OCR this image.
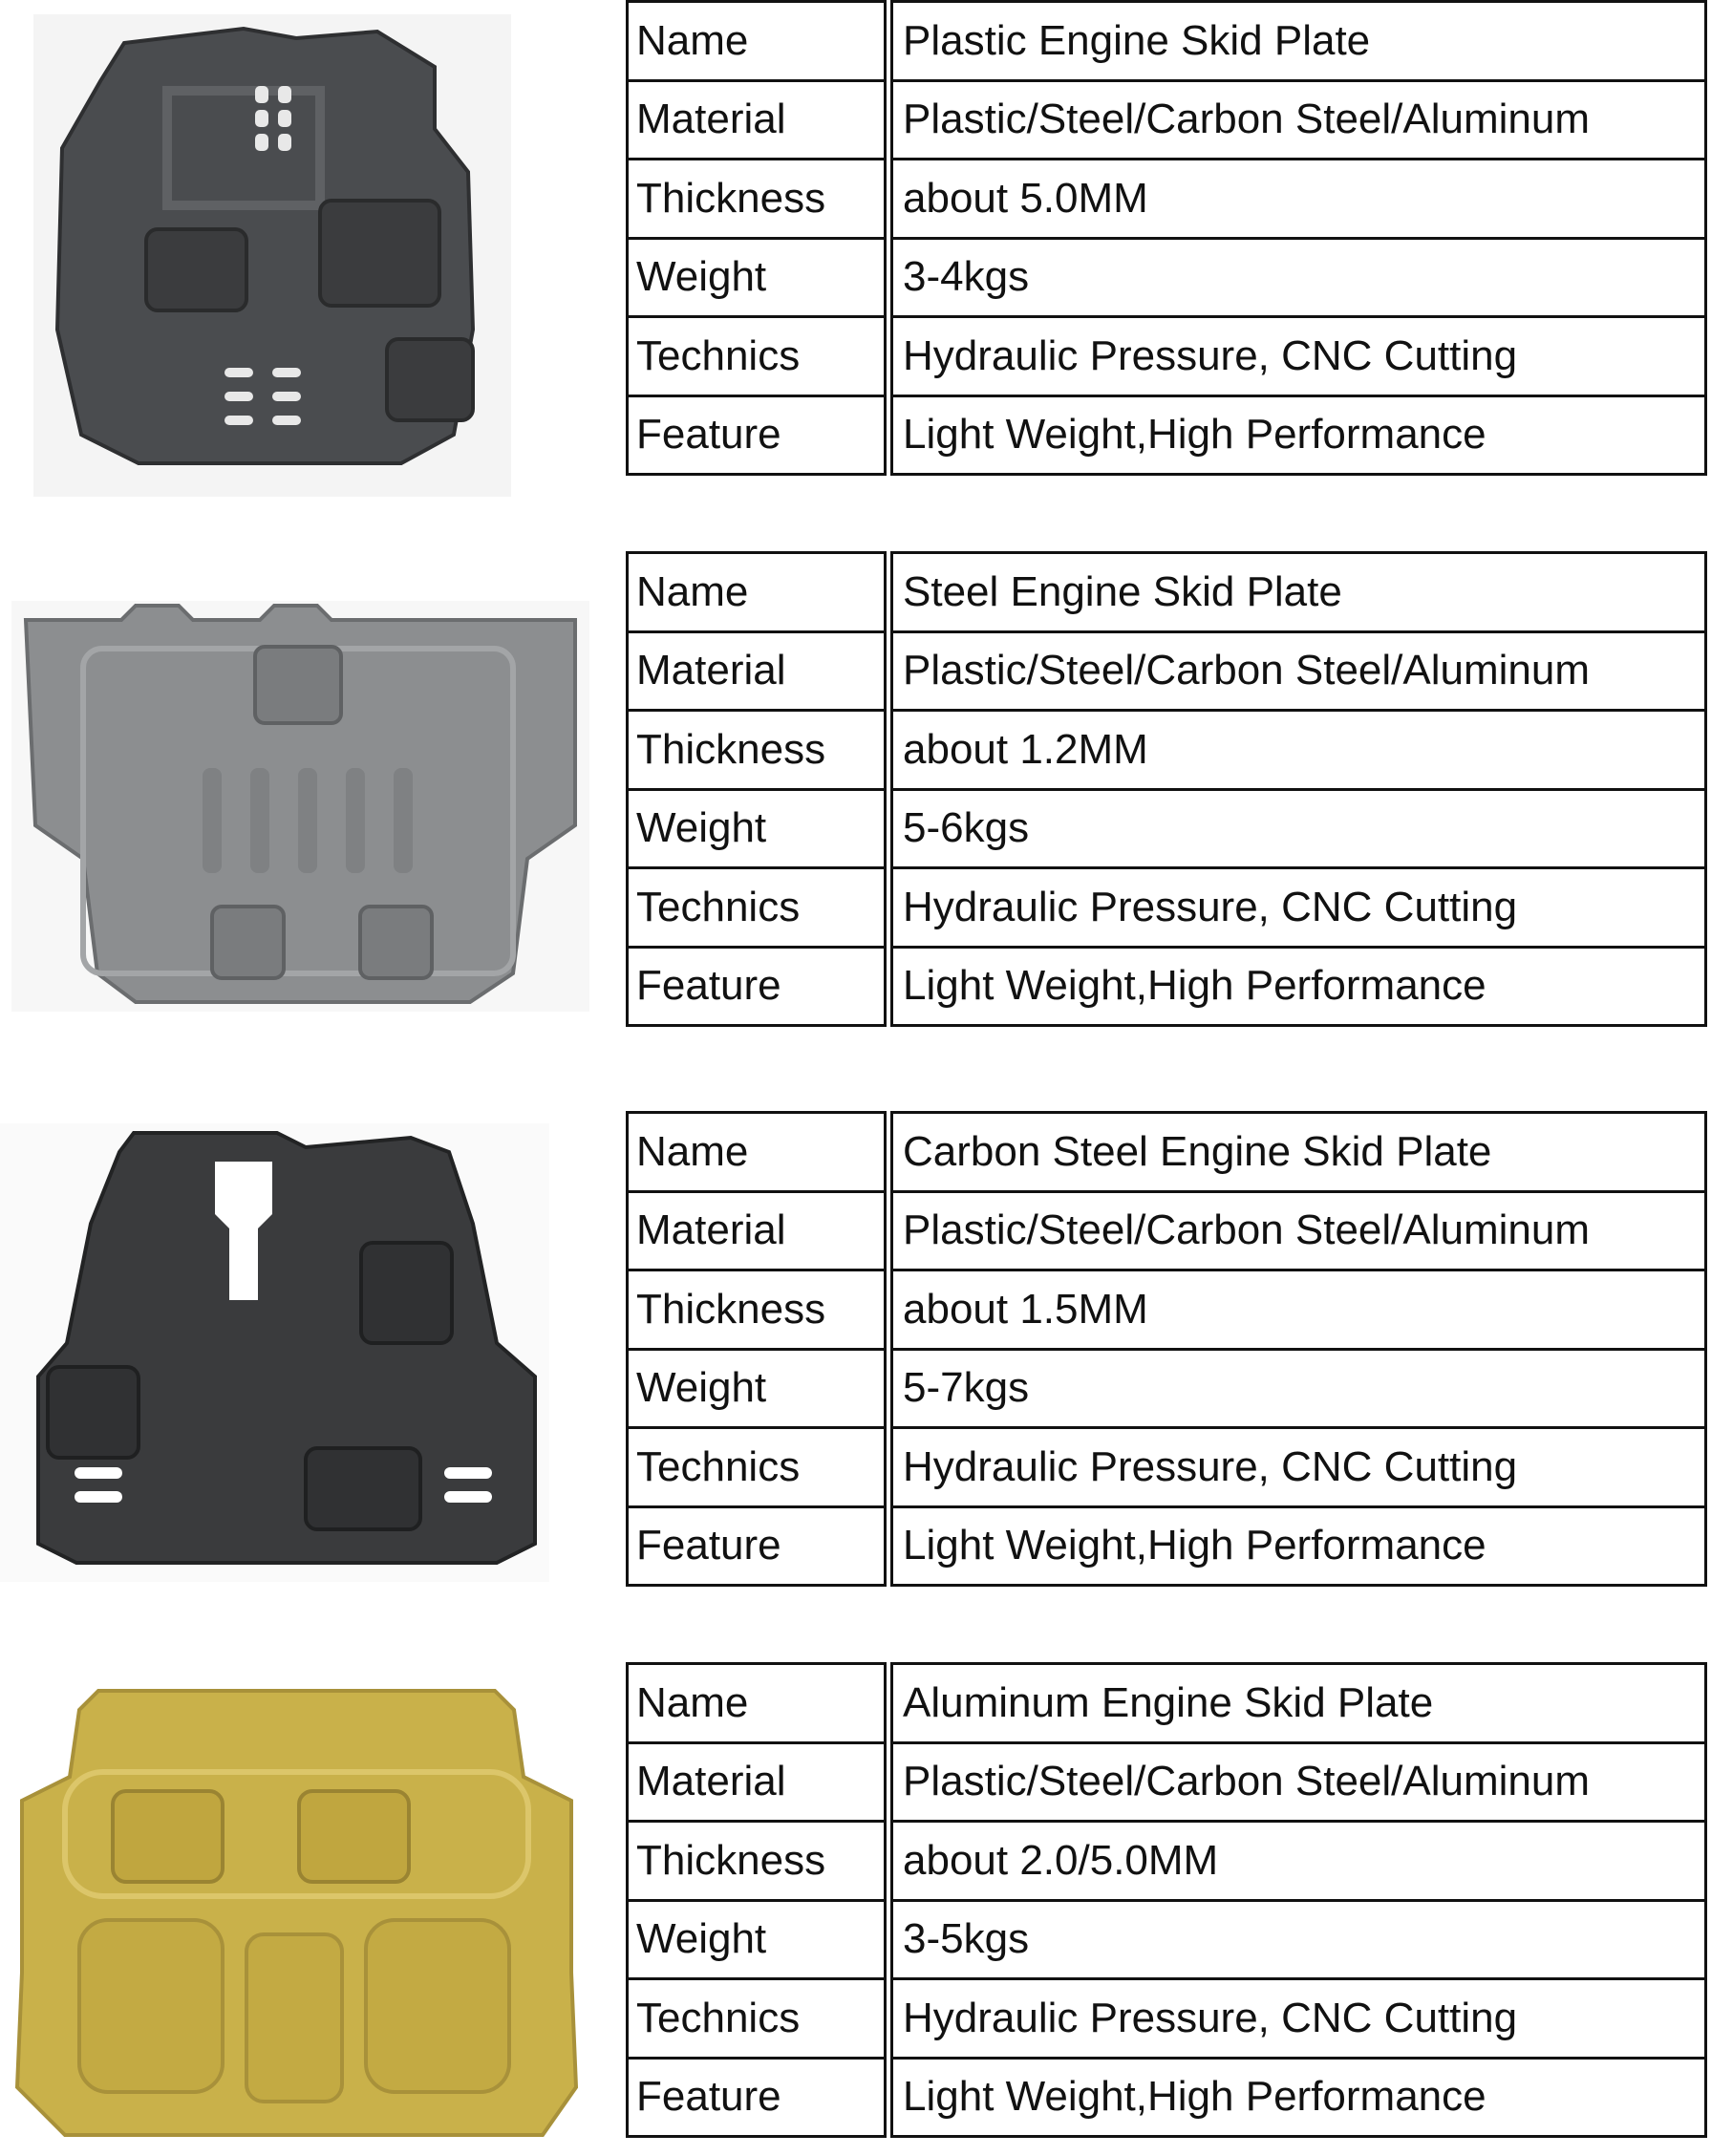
Name	Plastic Engine Skid Plate
Material	Plastic/Steel/Carbon Steel/Aluminum
Thickness	about 5.0MM
Weight	3-4kgs
Technics	Hydraulic Pressure, CNC Cutting
Feature	Light Weight,High Performance
Name	Steel Engine Skid Plate
Material	Plastic/Steel/Carbon Steel/Aluminum
Thickness	about 1.2MM
Weight	5-6kgs
Technics	Hydraulic Pressure, CNC Cutting
Feature	Light Weight,High Performance
Name	Carbon Steel Engine Skid Plate
Material	Plastic/Steel/Carbon Steel/Aluminum
Thickness	about 1.5MM
Weight	5-7kgs
Technics	Hydraulic Pressure, CNC Cutting
Feature	Light Weight,High Performance
Name	Aluminum Engine Skid Plate
Material	Plastic/Steel/Carbon Steel/Aluminum
Thickness	about 2.0/5.0MM
Weight	3-5kgs
Technics	Hydraulic Pressure, CNC Cutting
Feature	Light Weight,High Performance
